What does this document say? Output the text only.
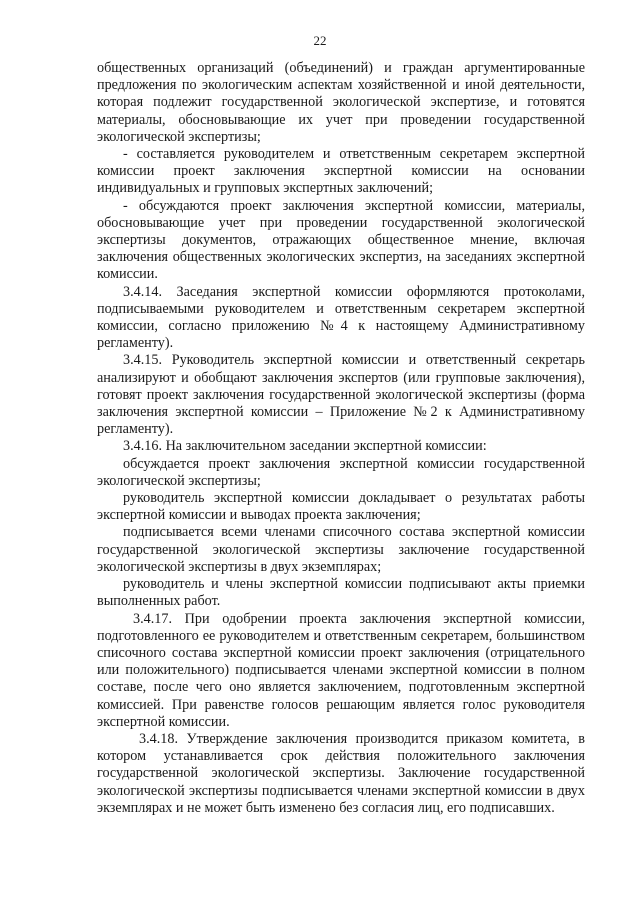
22

общественных организаций (объединений) и граждан аргументированные предложения по экологическим аспектам хозяйственной и иной деятельности, которая подлежит государственной экологической экспертизе, и готовятся материалы, обосновывающие их учет при проведении государственной экологической экспертизы;

- составляется руководителем и ответственным секретарем экспертной комиссии проект заключения экспертной комиссии на основании индивидуальных и групповых экспертных заключений;

- обсуждаются проект заключения экспертной комиссии, материалы, обосновывающие учет при проведении государственной экологической экспертизы документов, отражающих общественное мнение, включая заключения общественных экологических экспертиз, на заседаниях экспертной комиссии.

3.4.14. Заседания экспертной комиссии оформляются протоколами, подписываемыми руководителем и ответственным секретарем экспертной комиссии, согласно приложению №4 к настоящему Административному регламенту).

3.4.15. Руководитель экспертной комиссии и ответственный секретарь анализируют и обобщают заключения экспертов (или групповые заключения), готовят проект заключения государственной экологической экспертизы (форма заключения экспертной комиссии – Приложение №2 к Административному регламенту).

3.4.16. На заключительном заседании экспертной комиссии:

обсуждается проект заключения экспертной комиссии государственной экологической экспертизы;

руководитель экспертной комиссии докладывает о результатах работы экспертной комиссии и выводах проекта заключения;

подписывается всеми членами списочного состава экспертной комиссии государственной экологической экспертизы заключение государственной экологической экспертизы в двух экземплярах;

руководитель и члены экспертной комиссии подписывают акты приемки выполненных работ.

3.4.17. При одобрении проекта заключения экспертной комиссии, подготовленного ее руководителем и ответственным секретарем, большинством списочного состава экспертной комиссии проект заключения (отрицательного или положительного) подписывается членами экспертной комиссии в полном составе, после чего оно является заключением, подготовленным экспертной комиссией. При равенстве голосов решающим является голос руководителя экспертной комиссии.

3.4.18. Утверждение заключения производится приказом комитета, в котором устанавливается срок действия положительного заключения государственной экологической экспертизы. Заключение государственной экологической экспертизы подписывается членами экспертной комиссии в двух экземплярах и не может быть изменено без согласия лиц, его подписавших.
